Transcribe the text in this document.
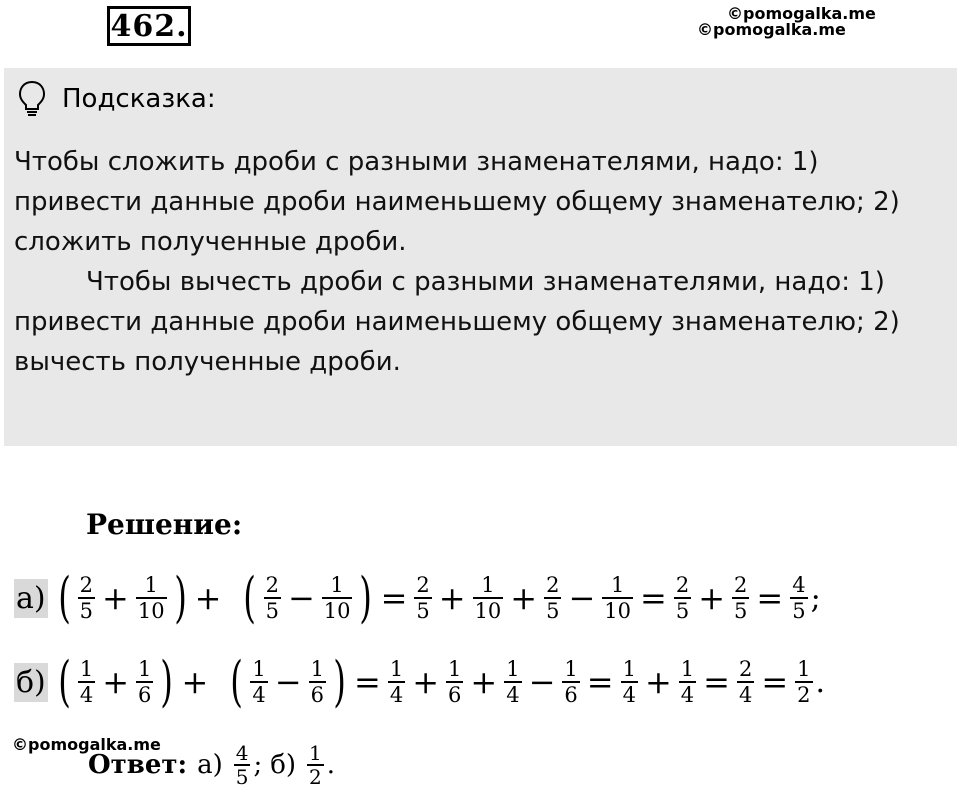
462.	©pomogalka.me
©pomogalka.me
Подсказка:

Чтобы сложить дроби с разными знаменателями, надо: 1) привести данные дроби наименьшему общему знаменателю; 2) сложить полученные дроби.

Чтобы вычесть дроби с разными знаменателями, надо: 1) привести данные дроби наименьшему общему знаменателю; 2) вычесть полученные дроби.

Решение:
а) ( $\frac{2}{5} + \frac{1}{10}$ ) + ( $\frac{2}{5} - \frac{1}{10}$ ) = $\frac{2}{5} + \frac{1}{10} + \frac{2}{5} - \frac{1}{10} = \frac{2}{5} + \frac{2}{5} = \frac{4}{5}$ ;
б) ( $\frac{1}{4} + \frac{1}{6}$ ) + ( $\frac{1}{4} - \frac{1}{6}$ ) = $\frac{1}{4} + \frac{1}{6} + \frac{1}{4} - \frac{1}{6} = \frac{1}{4} + \frac{1}{4} = \frac{2}{4} = \frac{1}{2}$ .
©pomogalka.me
Ответ: $а) \frac{4}{5}$ ; $б) \frac{1}{2}$ .
